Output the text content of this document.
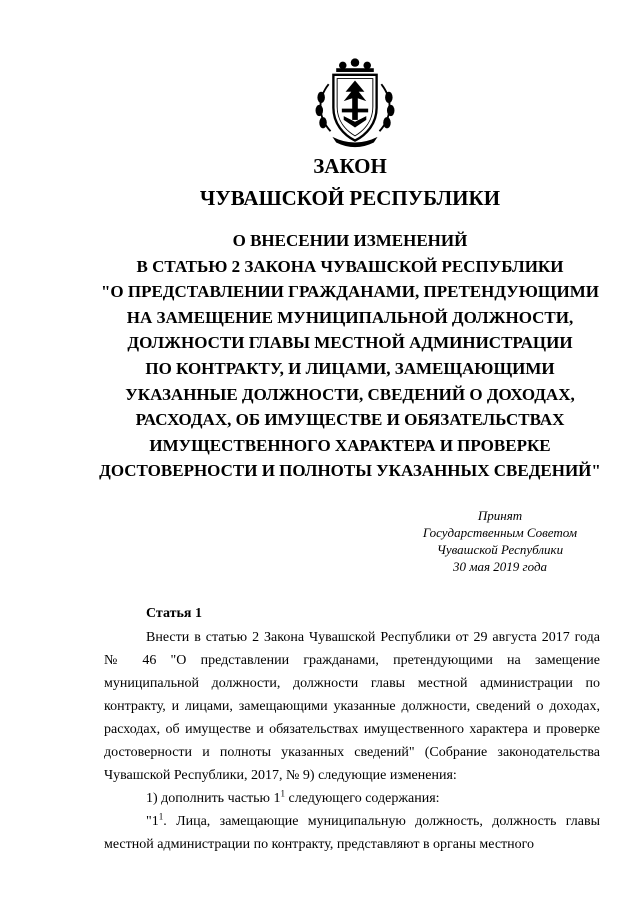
ЗАКОН
ЧУВАШСКОЙ РЕСПУБЛИКИ
О ВНЕСЕНИИ ИЗМЕНЕНИЙ
В СТАТЬЮ 2 ЗАКОНА ЧУВАШСКОЙ РЕСПУБЛИКИ
"О ПРЕДСТАВЛЕНИИ ГРАЖДАНАМИ, ПРЕТЕНДУЮЩИМИ
НА ЗАМЕЩЕНИЕ МУНИЦИПАЛЬНОЙ ДОЛЖНОСТИ,
ДОЛЖНОСТИ ГЛАВЫ МЕСТНОЙ АДМИНИСТРАЦИИ
ПО КОНТРАКТУ, И ЛИЦАМИ, ЗАМЕЩАЮЩИМИ
УКАЗАННЫЕ ДОЛЖНОСТИ, СВЕДЕНИЙ О ДОХОДАХ,
РАСХОДАХ, ОБ ИМУЩЕСТВЕ И ОБЯЗАТЕЛЬСТВАХ
ИМУЩЕСТВЕННОГО ХАРАКТЕРА И ПРОВЕРКЕ
ДОСТОВЕРНОСТИ И ПОЛНОТЫ УКАЗАННЫХ СВЕДЕНИЙ"
Принят
Государственным Советом
Чувашской Республики
30 мая 2019 года
Статья 1

Внести в статью 2 Закона Чувашской Республики от 29 августа 2017 года № 46 "О представлении гражданами, претендующими на замещение муниципальной должности, должности главы местной администрации по контракту, и лицами, замещающими указанные должности, сведений о доходах, расходах, об имуществе и обязательствах имущественного характера и проверке достоверности и полноты указанных сведений" (Собрание законодательства Чувашской Республики, 2017, № 9) следующие изменения:

1) дополнить частью $1^1$ следующего содержания:

"$1^1$. Лица, замещающие муниципальную должность, должность главы местной администрации по контракту, представляют в органы местного
